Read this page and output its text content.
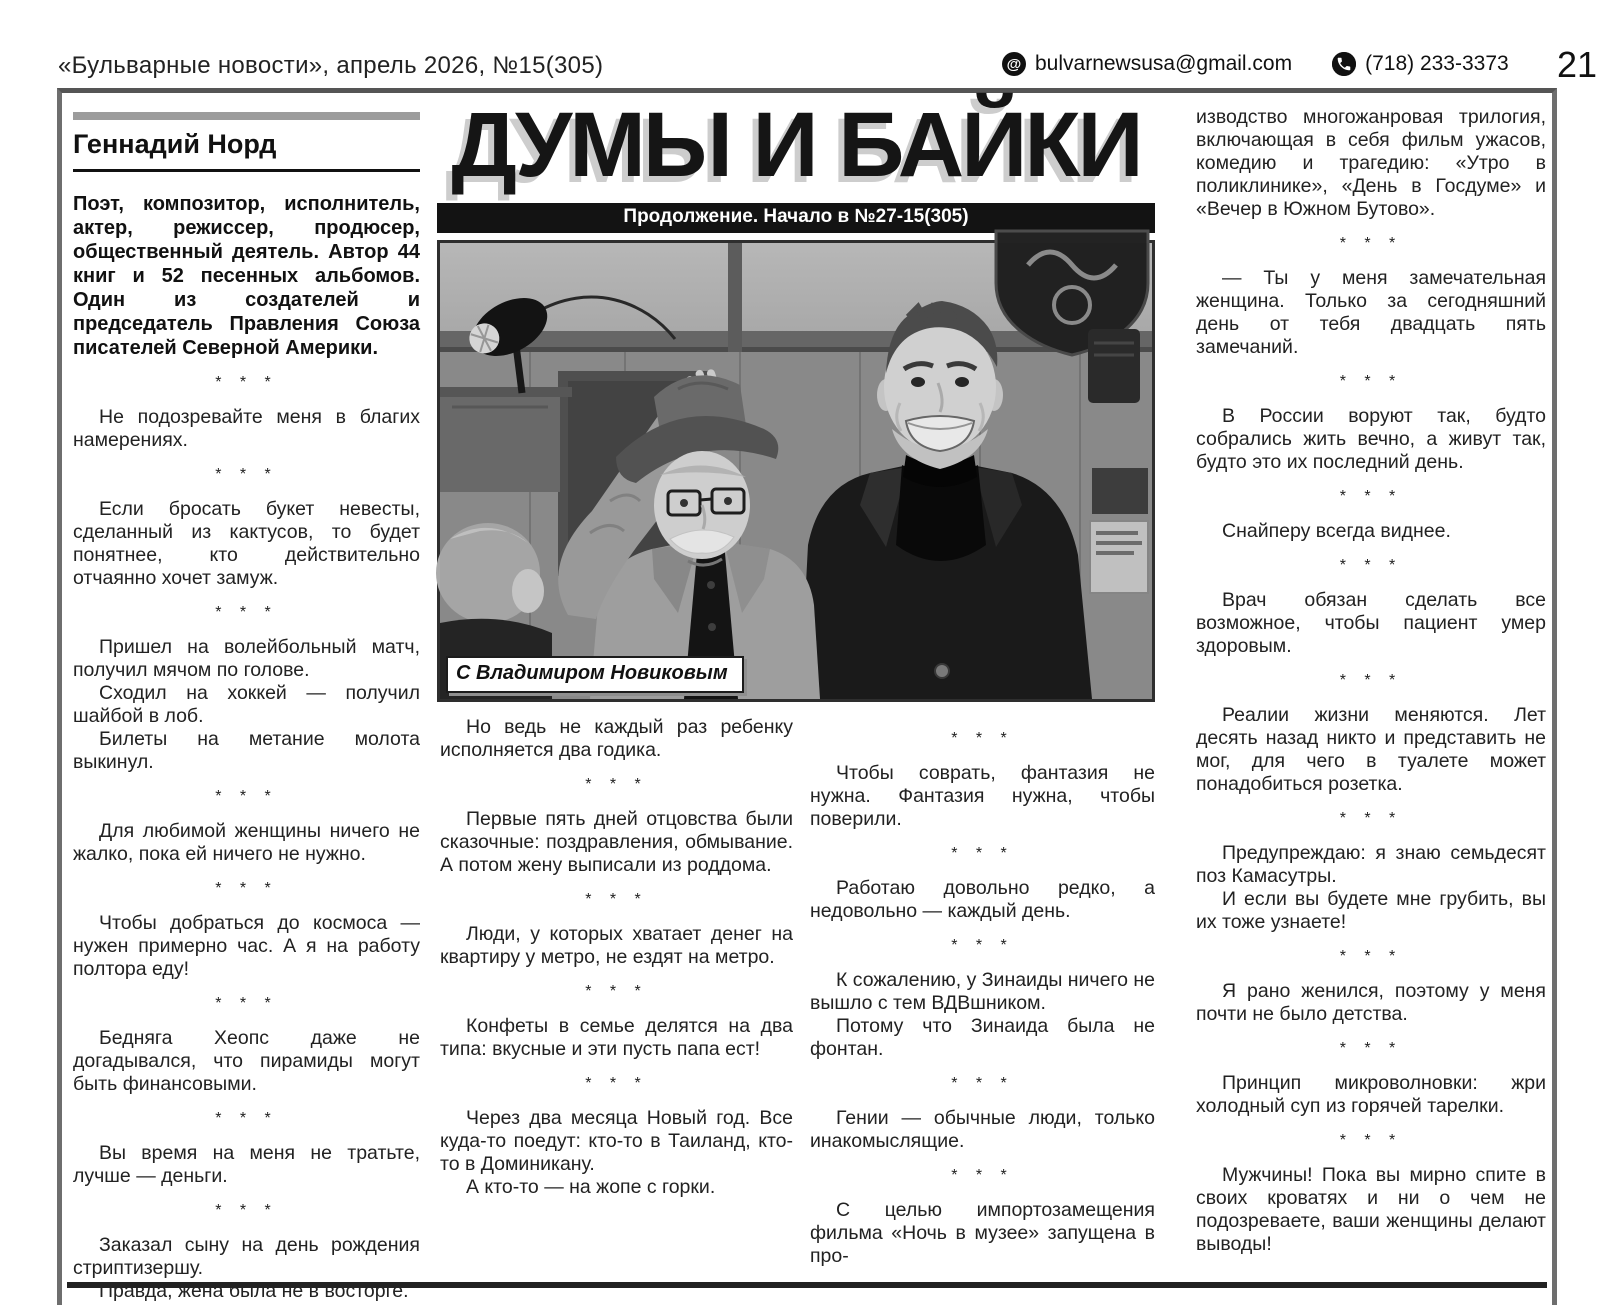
«Бульварные новости», апрель 2026, №15(305)	@ bulvarnewsusa@gmail.com	(718) 233-3373 21
Геннадий Норд

Поэт, композитор, исполнитель, актер, режиссер, продюсер, общественный деятель. Автор 44 книг и 52 песенных альбомов. Один из создателей и председатель Правления Союза писателей Северной Америки.

* * *

Не подозревайте меня в благих намерениях.

* * *

Если бросать букет невесты, сделанный из кактусов, то будет понятнее, кто действительно отчаянно хочет замуж.

* * *

Пришел на волейбольный матч, получил мячом по голове.

Сходил на хоккей — получил шайбой в лоб.

Билеты на метание молота выкинул.

* * *

Для любимой женщины ничего не жалко, пока ей ничего не нужно.

* * *

Чтобы добраться до космоса — нужен примерно час. А я на работу полтора еду!

* * *

Бедняга Хеопс даже не догадывался, что пирамиды могут быть финансовыми.

* * *

Вы время на меня не тратьте, лучше — деньги.

* * *

Заказал сыну на день рождения стриптизершу.

Правда, жена была не в восторге.

ДУМЫ И БАЙКИ
Продолжение. Начало в №27-15(305)
С Владимиром Новиковым

Но ведь не каждый раз ребенку исполняется два годика.

* * *

Первые пять дней отцовства были сказочные: поздравления, обмывание. А потом жену выписали из роддома.

* * *

Люди, у которых хватает денег на квартиру у метро, не ездят на метро.

* * *

Конфеты в семье делятся на два типа: вкусные и эти пусть папа ест!

* * *

Через два месяца Новый год. Все куда-то поедут: кто-то в Таиланд, кто-то в Доминикану.

А кто-то — на жопе с горки.

* * *

Чтобы соврать, фантазия не нужна. Фантазия нужна, чтобы поверили.

* * *

Работаю довольно редко, а недовольно — каждый день.

* * *

К сожалению, у Зинаиды ничего не вышло с тем ВДВшником.

Потому что Зинаида была не фонтан.

* * *

Гении — обычные люди, только инакомыслящие.

* * *

С целью импортозамещения фильма «Ночь в музее» запущена в про-

изводство многожанровая трилогия, включающая в себя фильм ужасов, комедию и трагедию: «Утро в поликлинике», «День в Госдуме» и «Вечер в Южном Бутово».

* * *

— Ты у меня замечательная женщина. Только за сегодняшний день от тебя двадцать пять замечаний.

* * *

В России воруют так, будто собрались жить вечно, а живут так, будто это их последний день.

* * *

Снайперу всегда виднее.

* * *

Врач обязан сделать все возможное, чтобы пациент умер здоровым.

* * *

Реалии жизни меняются. Лет десять назад никто и представить не мог, для чего в туалете может понадобиться розетка.

* * *

Предупреждаю: я знаю семьдесят поз Камасутры.

И если вы будете мне грубить, вы их тоже узнаете!

* * *

Я рано женился, поэтому у меня почти не было детства.

* * *

Принцип микроволновки: жри холодный суп из горячей тарелки.

* * *

Мужчины! Пока вы мирно спите в своих кроватях и ни о чем не подозреваете, ваши женщины делают выводы!
